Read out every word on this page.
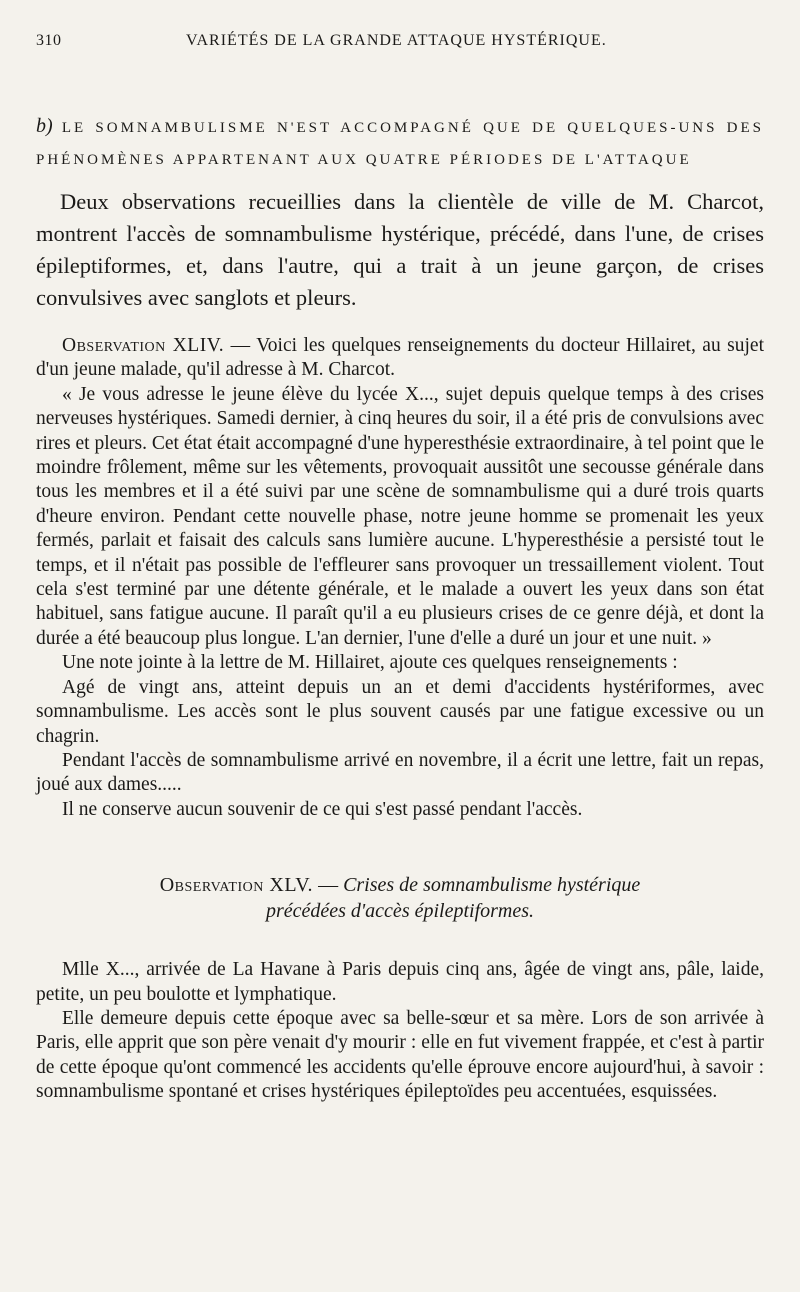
310	VARIÉTÉS DE LA GRANDE ATTAQUE HYSTÉRIQUE.
b) LE SOMNAMBULISME N'EST ACCOMPAGNÉ QUE DE QUELQUES-UNS DES PHÉNOMÈNES APPARTENANT AUX QUATRE PÉRIODES DE L'ATTAQUE

Deux observations recueillies dans la clientèle de ville de M. Charcot, montrent l'accès de somnambulisme hystérique, précédé, dans l'une, de crises épileptiformes, et, dans l'autre, qui a trait à un jeune garçon, de crises convulsives avec sanglots et pleurs.

Observation XLIV. — Voici les quelques renseignements du docteur Hillairet, au sujet d'un jeune malade, qu'il adresse à M. Charcot.

« Je vous adresse le jeune élève du lycée X..., sujet depuis quelque temps à des crises nerveuses hystériques. Samedi dernier, à cinq heures du soir, il a été pris de convulsions avec rires et pleurs. Cet état était accompagné d'une hyperesthésie extraordinaire, à tel point que le moindre frôlement, même sur les vêtements, provoquait aussitôt une secousse générale dans tous les membres et il a été suivi par une scène de somnambulisme qui a duré trois quarts d'heure environ. Pendant cette nouvelle phase, notre jeune homme se promenait les yeux fermés, parlait et faisait des calculs sans lumière aucune. L'hyperesthésie a persisté tout le temps, et il n'était pas possible de l'effleurer sans provoquer un tressaillement violent. Tout cela s'est terminé par une détente générale, et le malade a ouvert les yeux dans son état habituel, sans fatigue aucune. Il paraît qu'il a eu plusieurs crises de ce genre déjà, et dont la durée a été beaucoup plus longue. L'an dernier, l'une d'elle a duré un jour et une nuit. »

Une note jointe à la lettre de M. Hillairet, ajoute ces quelques renseignements :

Agé de vingt ans, atteint depuis un an et demi d'accidents hystériformes, avec somnambulisme. Les accès sont le plus souvent causés par une fatigue excessive ou un chagrin.

Pendant l'accès de somnambulisme arrivé en novembre, il a écrit une lettre, fait un repas, joué aux dames.....

Il ne conserve aucun souvenir de ce qui s'est passé pendant l'accès.

Observation XLV. — Crises de somnambulisme hystérique
précédées d'accès épileptiformes.

Mlle X..., arrivée de La Havane à Paris depuis cinq ans, âgée de vingt ans, pâle, laide, petite, un peu boulotte et lymphatique.

Elle demeure depuis cette époque avec sa belle-sœur et sa mère. Lors de son arrivée à Paris, elle apprit que son père venait d'y mourir : elle en fut vivement frappée, et c'est à partir de cette époque qu'ont commencé les accidents qu'elle éprouve encore aujourd'hui, à savoir : somnambulisme spontané et crises hystériques épileptoïdes peu accentuées, esquissées.
